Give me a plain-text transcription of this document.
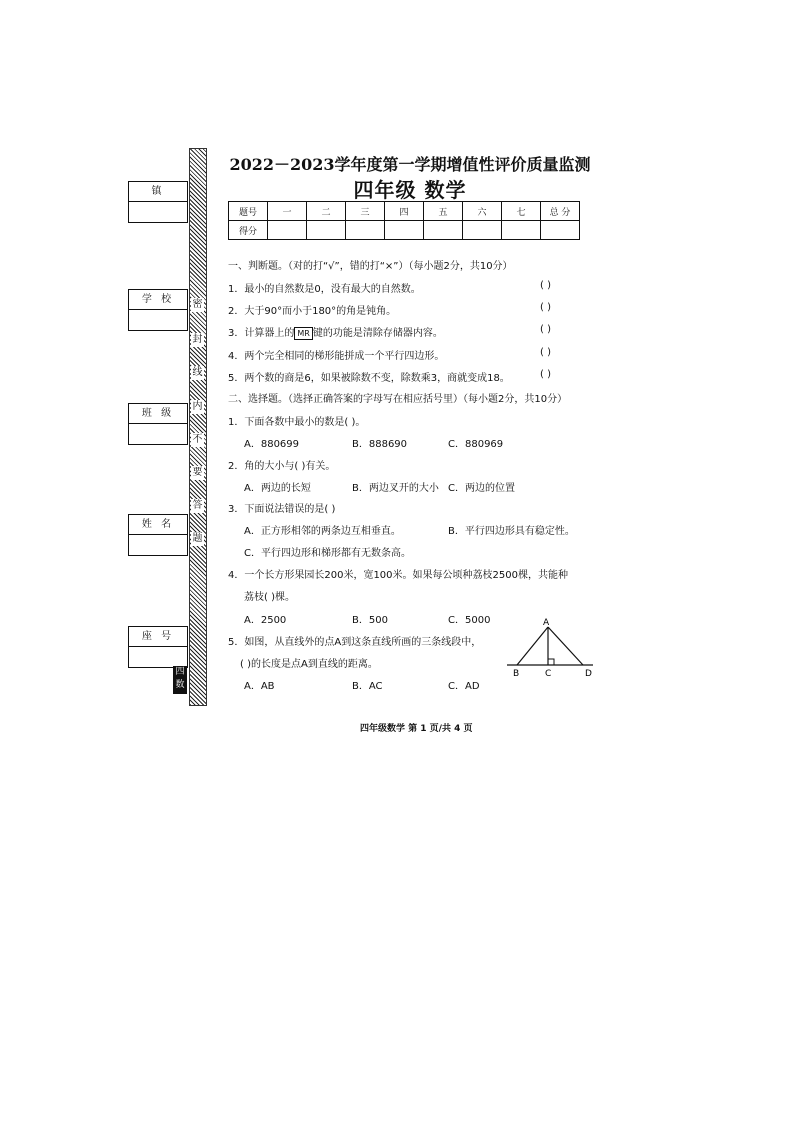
镇
学 校
班 级
姓 名
座 号
密
封
线
内
不
要
答
题
四数
2022－2023学年度第一学期增值性评价质量监测
四年级 数学
题号	一	二	三	四	五	六	七	总 分
得分								
一、判断题。（对的打“√”，错的打“×”）（每小题2分，共10分）
1．最小的自然数是0，没有最大的自然数。
2．大于90°而小于180°的角是钝角。
3．计算器上的 MR 键的功能是清除存储器内容。
4．两个完全相同的梯形能拼成一个平行四边形。
5．两个数的商是6，如果被除数不变，除数乘3，商就变成18。
( )
( )
( )
( )
( )
二、选择题。（选择正确答案的字母写在相应括号里）（每小题2分，共10分）
1．下面各数中最小的数是( )。
A．880699	B．888690	C．880969
2．角的大小与( )有关。
A．两边的长短	B．两边叉开的大小 C．两边的位置
3．下面说法错误的是( )
A．正方形相邻的两条边互相垂直。	B．平行四边形具有稳定性。
C．平行四边形和梯形都有无数条高。
4．一个长方形果园长200米，宽100米。如果每公顷种荔枝2500棵，共能种
荔枝( )棵。
A．2500	B．500	C．5000
5．如图，从直线外的点A到这条直线所画的三条线段中，
( )的长度是点A到直线的距离。
A．AB	B．AC	C．AD
A
B	C	D
四年级数学 第 1 页/共 4 页
